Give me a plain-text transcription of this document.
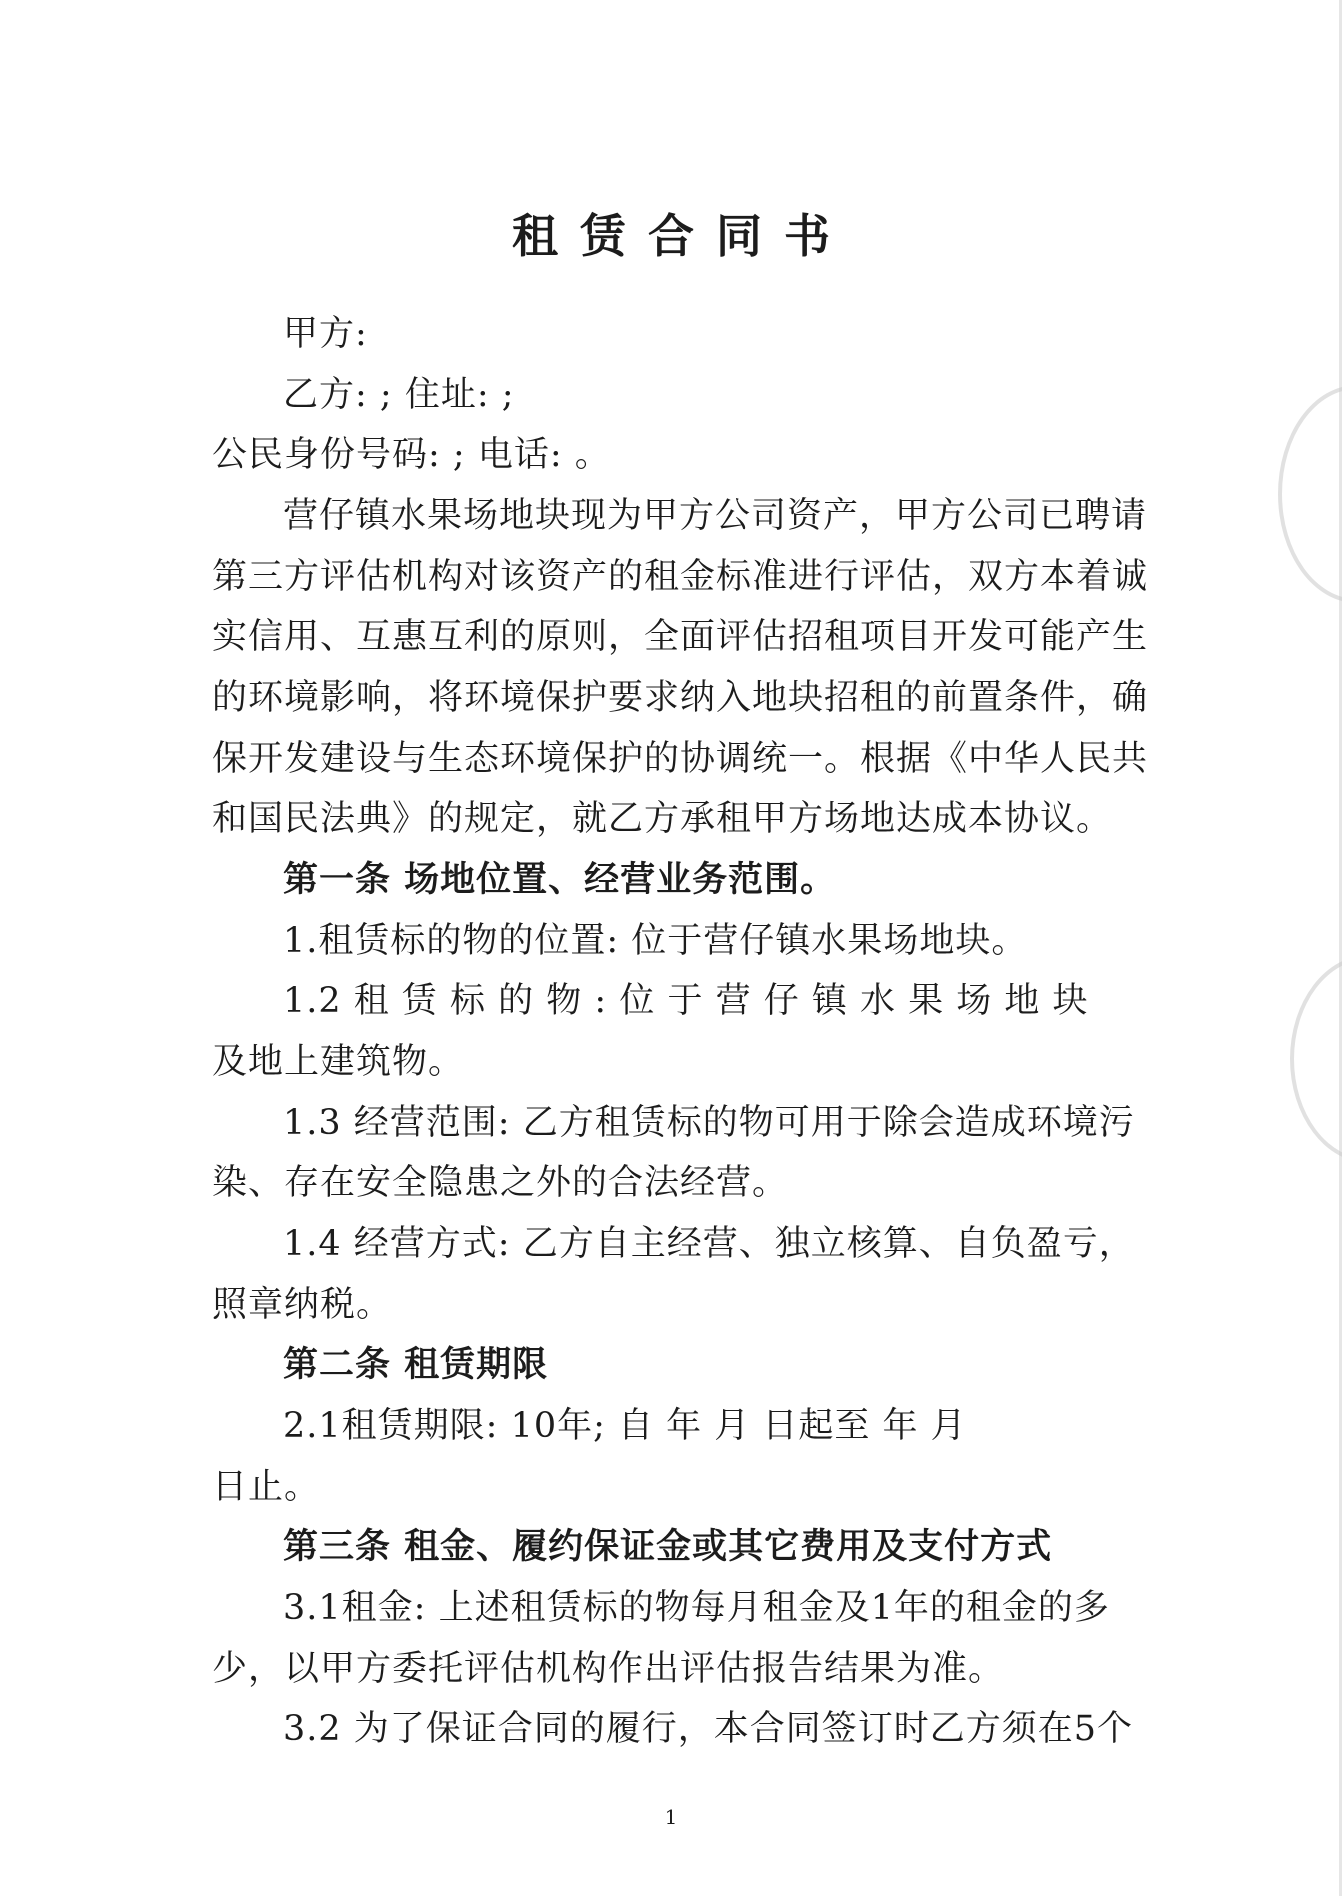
租赁合同书
甲方:
乙方: ; 住址: ;
公民身份号码: ; 电话: 。
营仔镇水果场地块现为甲方公司资产，甲方公司已聘请
第三方评估机构对该资产的租金标准进行评估，双方本着诚
实信用、互惠互利的原则，全面评估招租项目开发可能产生
的环境影响，将环境保护要求纳入地块招租的前置条件，确
保开发建设与生态环境保护的协调统一。根据《中华人民共
和国民法典》的规定，就乙方承租甲方场地达成本协议。
第一条 场地位置、经营业务范围。
1.租赁标的物的位置: 位于营仔镇水果场地块。
1.2 租 赁 标 的 物 : 位 于 营 仔 镇 水 果 场 地 块
及地上建筑物。
1.3 经营范围: 乙方租赁标的物可用于除会造成环境污
染、存在安全隐患之外的合法经营。
1.4 经营方式: 乙方自主经营、独立核算、自负盈亏，
照章纳税。
第二条 租赁期限
2.1租赁期限: 10年; 自 年 月 日起至 年 月
日止。
第三条 租金、履约保证金或其它费用及支付方式
3.1租金: 上述租赁标的物每月租金及1年的租金的多
少，以甲方委托评估机构作出评估报告结果为准。
3.2 为了保证合同的履行，本合同签订时乙方须在5个
1
